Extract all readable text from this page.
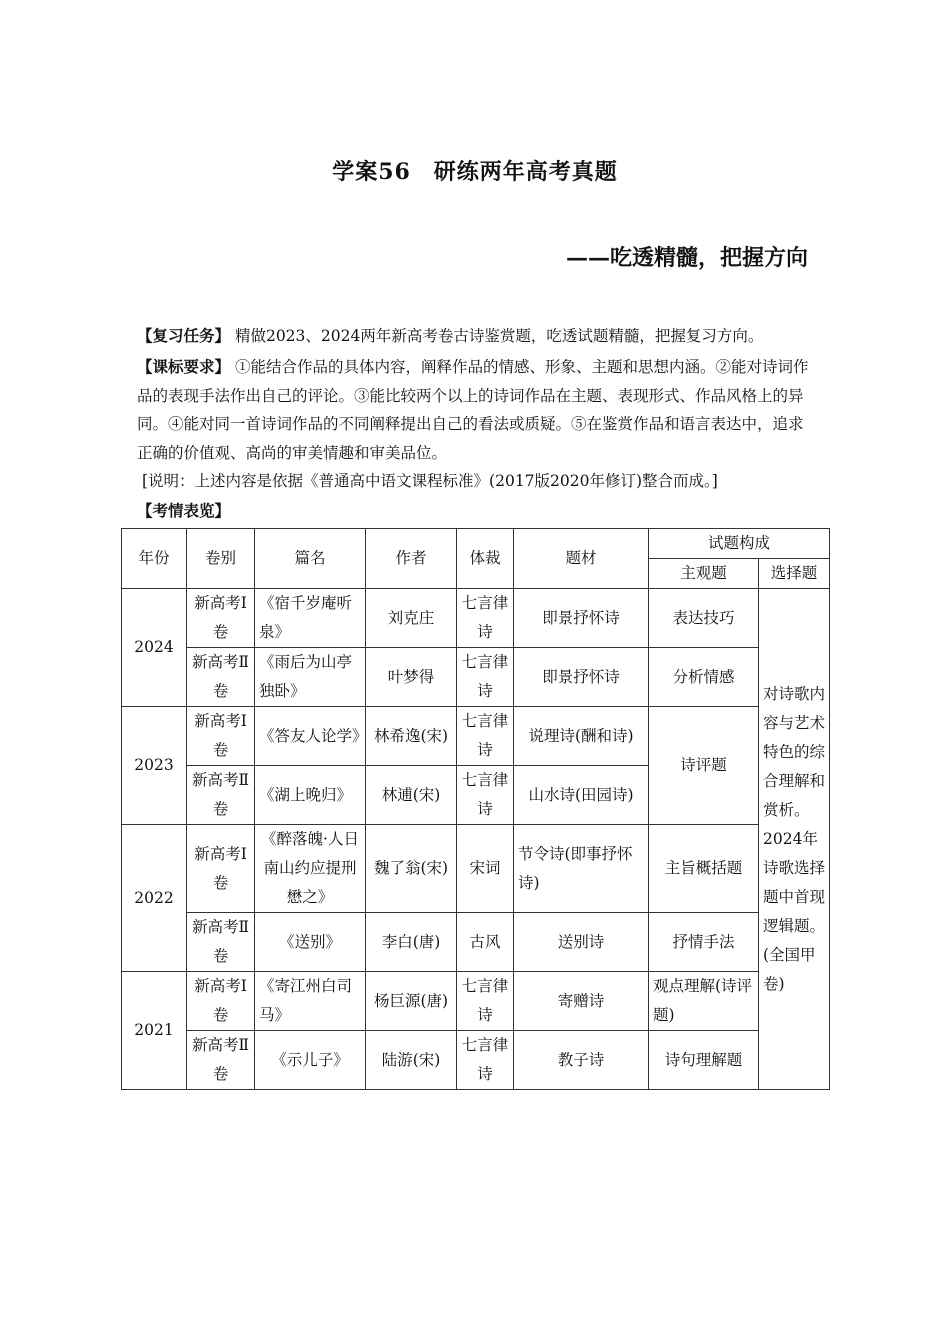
学案56　研练两年高考真题
——吃透精髓，把握方向
【复习任务】 精做2023、2024两年新高考卷古诗鉴赏题，吃透试题精髓，把握复习方向。
【课标要求】 ①能结合作品的具体内容，阐释作品的情感、形象、主题和思想内涵。②能对诗词作品的表现手法作出自己的评论。③能比较两个以上的诗词作品在主题、表现形式、作品风格上的异同。④能对同一首诗词作品的不同阐释提出自己的看法或质疑。⑤在鉴赏作品和语言表达中，追求正确的价值观、高尚的审美情趣和审美品位。
[说明：上述内容是依据《普通高中语文课程标准》(2017版2020年修订)整合而成。]
【考情表览】
年份	卷别	篇名	作者	体裁	题材	试题构成	
						主观题	选择题
2024	新高考Ⅰ卷	《宿千岁庵听泉》	刘克庄	七言律诗	即景抒怀诗	表达技巧	对诗歌内容与艺术特色的综合理解和赏析。2024年诗歌选择题中首现逻辑题。(全国甲卷)
	新高考Ⅱ卷	《雨后为山亭独卧》	叶梦得	七言律诗	即景抒怀诗	分析情感	
2023	新高考Ⅰ卷	《答友人论学》	林希逸(宋)	七言律诗	说理诗(酬和诗)	诗评题	
	新高考Ⅱ卷	《湖上晚归》	林逋(宋)	七言律诗	山水诗(田园诗)		
2022	新高考Ⅰ卷	《醉落魄·人日南山约应提刑懋之》	魏了翁(宋)	宋词	节令诗(即事抒怀诗)	主旨概括题	
	新高考Ⅱ卷	《送别》	李白(唐)	古风	送别诗	抒情手法	
2021	新高考Ⅰ卷	《寄江州白司马》	杨巨源(唐)	七言律诗	寄赠诗	观点理解(诗评题)	
	新高考Ⅱ卷	《示儿子》	陆游(宋)	七言律诗	教子诗	诗句理解题	
